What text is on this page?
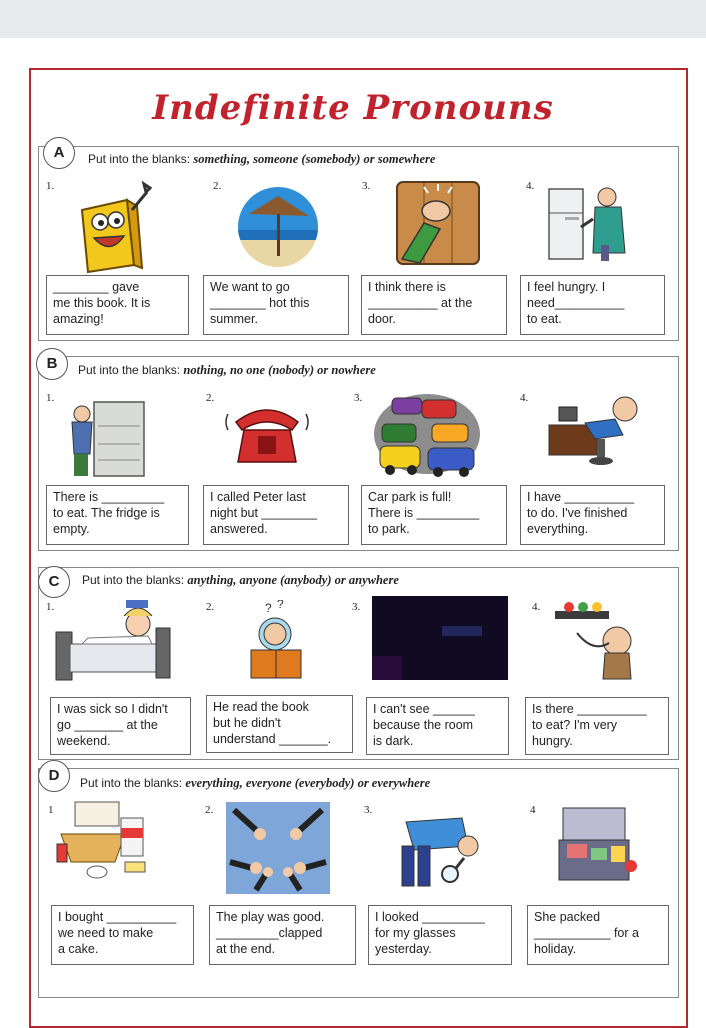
Indefinite Pronouns
A	Put into the blanks: something, someone (somebody) or somewhere
1.	2.	3.	4.
________ gave
me this book. It is
amazing!
We want to go
________ hot this
summer.
I think there is
__________ at the
door.
I feel hungry. I
need__________
to eat.
B	Put into the blanks: nothing, no one (nobody) or nowhere
1.	2.	3.	4.
There is _________
to eat. The fridge is
empty.
I called Peter last
night but ________
answered.
Car park is full!
There is _________
to park.
I have __________
to do. I've finished
everything.
C	Put into the blanks: anything, anyone (anybody) or anywhere
1.	2.	3.	4.
? ?
I was sick so I didn't
go _______ at the
weekend.
He read the book
but he didn't
understand _______.
I can't see ______
because the room
is dark.
Is there __________
to eat? I'm very
hungry.
D	Put into the blanks: everything, everyone (everybody) or everywhere
1	2.	3.	4
I bought __________
we need to make
a cake.
The play was good.
_________clapped
at the end.
I looked _________
for my glasses
yesterday.
She packed
___________ for a
holiday.
